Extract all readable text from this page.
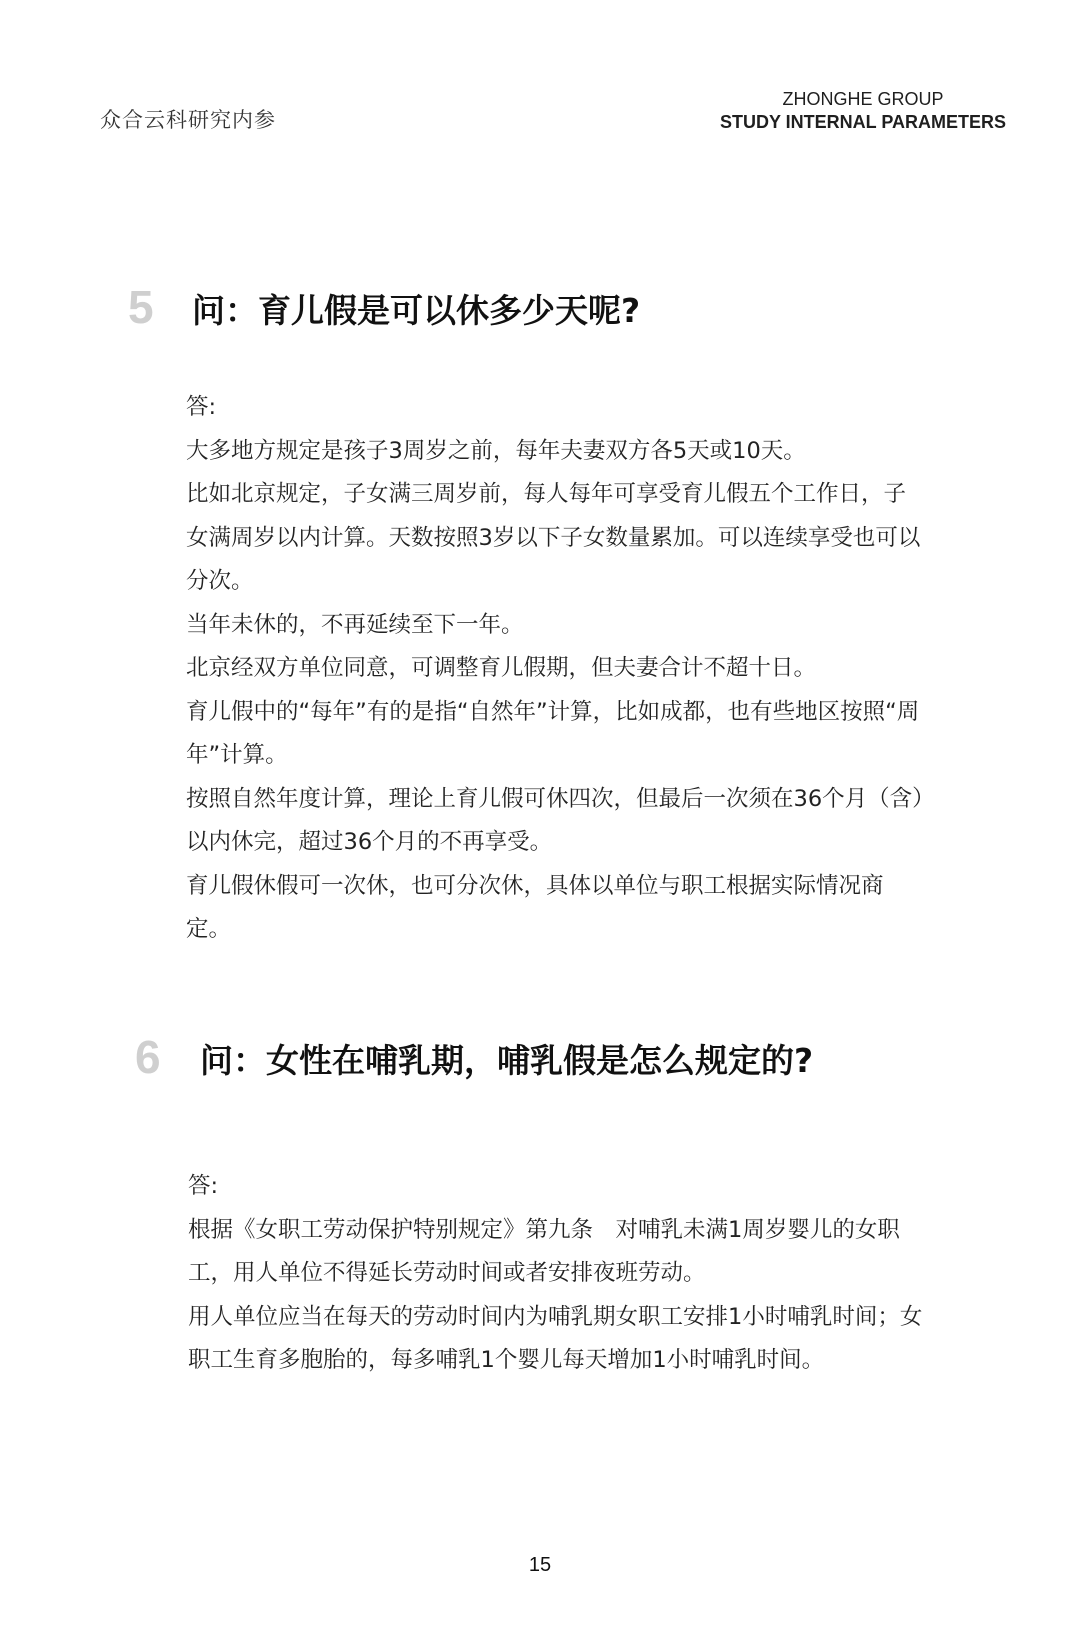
众合云科研究内参
ZHONGHE GROUP
STUDY INTERNAL PARAMETERS
5 问：育儿假是可以休多少天呢?

答:

大多地方规定是孩子3周岁之前，每年夫妻双方各5天或10天。

比如北京规定，子女满三周岁前，每人每年可享受育儿假五个工作日，子女满周岁以内计算。天数按照3岁以下子女数量累加。可以连续享受也可以分次。

当年未休的，不再延续至下一年。

北京经双方单位同意，可调整育儿假期，但夫妻合计不超十日。

育儿假中的“每年”有的是指“自然年”计算，比如成都，也有些地区按照“周年”计算。

按照自然年度计算，理论上育儿假可休四次，但最后一次须在36个月（含）以内休完，超过36个月的不再享受。

育儿假休假可一次休，也可分次休，具体以单位与职工根据实际情况商定。

6 问：女性在哺乳期，哺乳假是怎么规定的?

答:

根据《女职工劳动保护特别规定》第九条　对哺乳未满1周岁婴儿的女职工，用人单位不得延长劳动时间或者安排夜班劳动。

用人单位应当在每天的劳动时间内为哺乳期女职工安排1小时哺乳时间；女职工生育多胞胎的，每多哺乳1个婴儿每天增加1小时哺乳时间。

15
